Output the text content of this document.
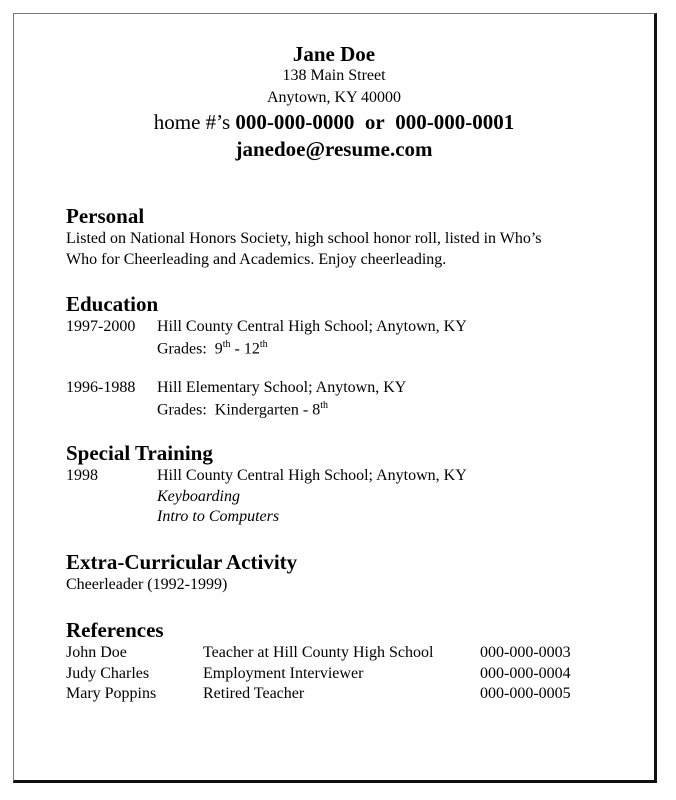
Jane Doe
138 Main Street
Anytown, KY 40000
home #’s 000-000-0000 or 000-000-0001
janedoe@resume.com
Personal
Listed on National Honors Society, high school honor roll, listed in Who’s
Who for Cheerleading and Academics. Enjoy cheerleading.
Education
1997-2000 Hill County Central High School; Anytown, KY
Grades: 9th - 12th
1996-1988 Hill Elementary School; Anytown, KY
Grades: Kindergarten - 8th
Special Training
1998	Hill County Central High School; Anytown, KY
Keyboarding
Intro to Computers
Extra-Curricular Activity
Cheerleader (1992-1999)
References
John Doe	Teacher at Hill County High School	000-000-0003
Judy Charles	Employment Interviewer	000-000-0004
Mary Poppins	Retired Teacher	000-000-0005
